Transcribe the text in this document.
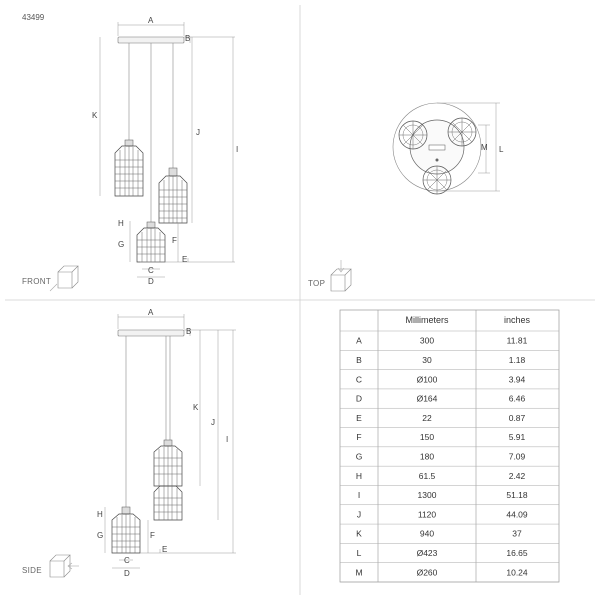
43499	A
B
K
J
I
H
G	F
E
C
D
FRONT
M L
TOP
A
B
K
J
I
H
G	F
E
C
D
SIDE
Millimeters	inches
A	300	11.81
B	30	1.18
C	Ø100	3.94
D	Ø164	6.46
E	22	0.87
F	150	5.91
G	180	7.09
H	61.5	2.42
I	1300	51.18
J	1120	44.09
K	940	37
L	Ø423	16.65
M	Ø260	10.24
